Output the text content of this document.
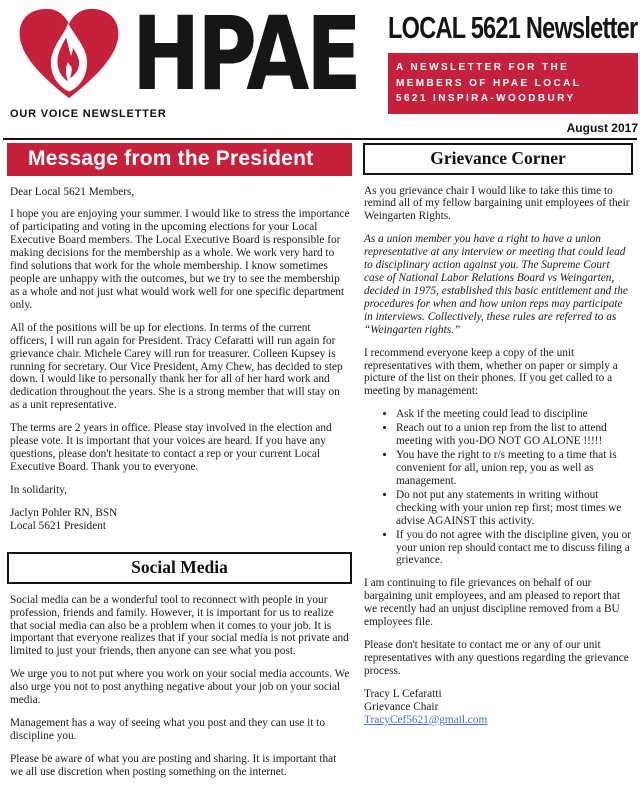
HPAE
OUR VOICE NEWSLETTER
LOCAL 5621 Newsletter
A NEWSLETTER FOR THE
MEMBERS OF HPAE LOCAL
5621 INSPIRA-WOODBURY
August 2017
Message from the President

Dear Local 5621 Members,

I hope you are enjoying your summer. I would like to stress the importance of participating and voting in the upcoming elections for your Local Executive Board members. The Local Executive Board is responsible for making decisions for the membership as a whole. We work very hard to find solutions that work for the whole membership. I know sometimes people are unhappy with the outcomes, but we try to see the membership as a whole and not just what would work well for one specific department only.

All of the positions will be up for elections. In terms of the current officers, I will run again for President. Tracy Cefaratti will run again for grievance chair. Michele Carey will run for treasurer. Colleen Kupsey is running for secretary. Our Vice President, Amy Chew, has decided to step down. I would like to personally thank her for all of her hard work and dedication throughout the years. She is a strong member that will stay on as a unit representative.

The terms are 2 years in office. Please stay involved in the election and please vote. It is important that your voices are heard. If you have any questions, please don't hesitate to contact a rep or your current Local Executive Board. Thank you to everyone.

In solidarity,

Jaclyn Pohler RN, BSN

Local 5621 President

Social Media

Social media can be a wonderful tool to reconnect with people in your profession, friends and family. However, it is important for us to realize that social media can also be a problem when it comes to your job. It is important that everyone realizes that if your social media is not private and limited to just your friends, then anyone can see what you post.

We urge you to not put where you work on your social media accounts. We also urge you not to post anything negative about your job on your social media.

Management has a way of seeing what you post and they can use it to discipline you.

Please be aware of what you are posting and sharing. It is important that we all use discretion when posting something on the internet.

Grievance Corner

As you grievance chair I would like to take this time to remind all of my fellow bargaining unit employees of their Weingarten Rights.

As a union member you have a right to have a union representative at any interview or meeting that could lead to disciplinary action against you. The Supreme Court case of National Labor Relations Board vs Weingarten, decided in 1975, established this basic entitlement and the procedures for when and how union reps may participate in interviews. Collectively, these rules are referred to as “Weingarten rights.”

I recommend everyone keep a copy of the unit representatives with them, whether on paper or simply a picture of the list on their phones. If you get called to a meeting by management:

• Ask if the meeting could lead to discipline
• Reach out to a union rep from the list to attend meeting with you-DO NOT GO ALONE !!!!!
• You have the right to r/s meeting to a time that is convenient for all, union rep, you as well as management.
• Do not put any statements in writing without checking with your union rep first; most times we advise AGAINST this activity.
• If you do not agree with the discipline given, you or your union rep should contact me to discuss filing a grievance.

I am continuing to file grievances on behalf of our bargaining unit employees, and am pleased to report that we recently had an unjust discipline removed from a BU employees file.

Please don't hesitate to contact me or any of our unit representatives with any questions regarding the grievance process.

Tracy L Cefaratti

Grievance Chair

TracyCef5621@gmail.com
